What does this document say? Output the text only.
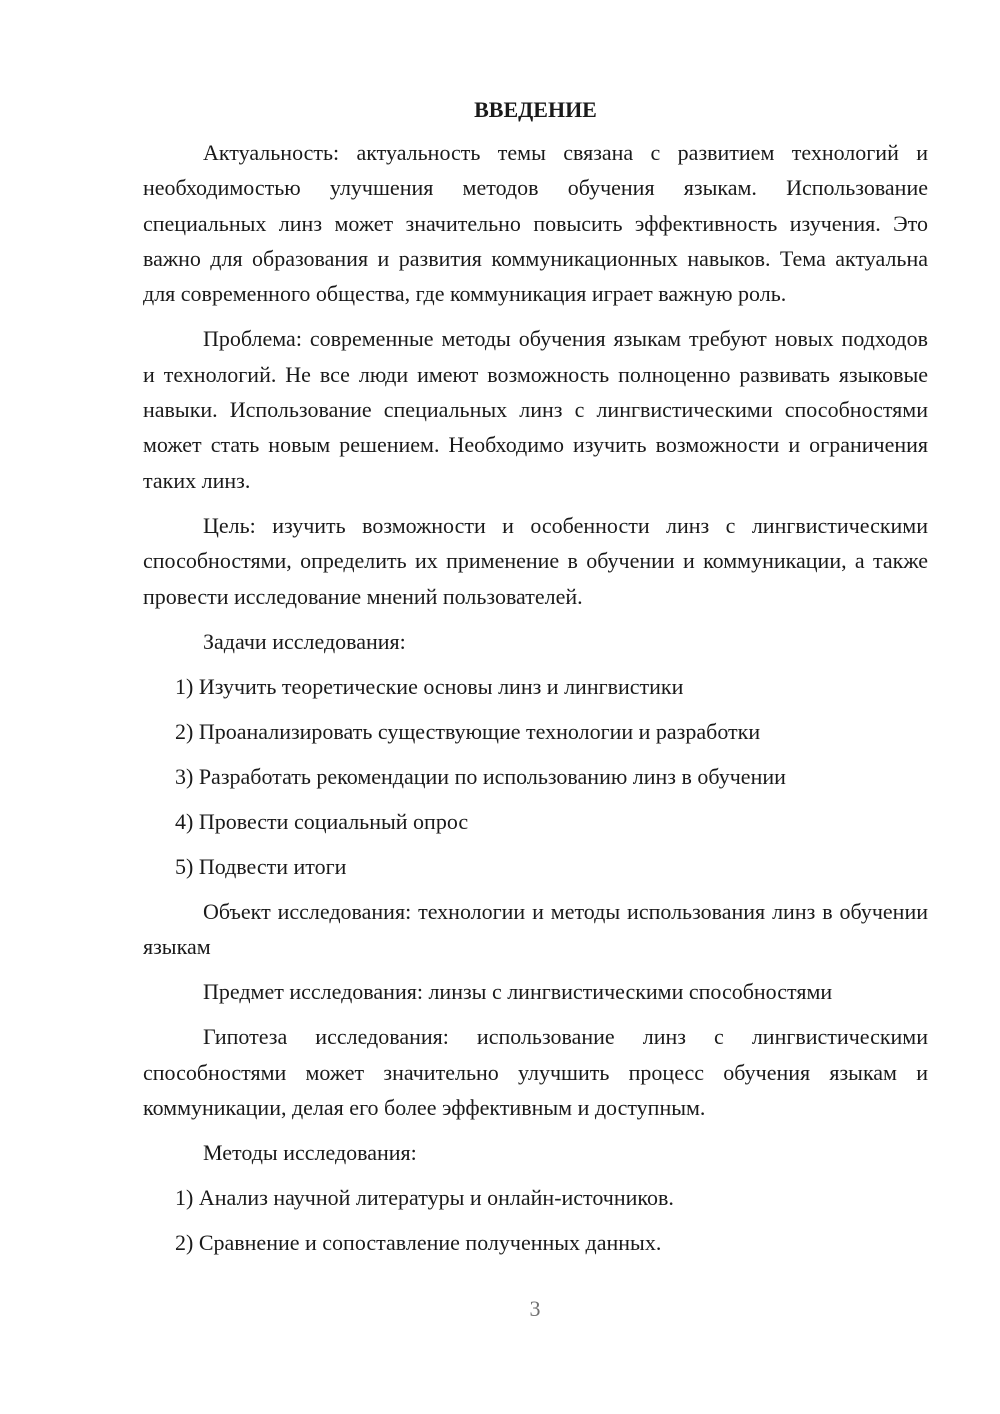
ВВЕДЕНИЕ

Актуальность: актуальность темы связана с развитием технологий и необходимостью улучшения методов обучения языкам. Использование специальных линз может значительно повысить эффективность изучения. Это важно для образования и развития коммуникационных навыков. Тема актуальна для современного общества, где коммуникация играет важную роль.

Проблема: современные методы обучения языкам требуют новых подходов и технологий. Не все люди имеют возможность полноценно развивать языковые навыки. Использование специальных линз с лингвистическими способностями может стать новым решением. Необходимо изучить возможности и ограничения таких линз.

Цель: изучить возможности и особенности линз с лингвистическими способностями, определить их применение в обучении и коммуникации, а также провести исследование мнений пользователей.

Задачи исследования:
1) Изучить теоретические основы линз и лингвистики
2) Проанализировать существующие технологии и разработки
3) Разработать рекомендации по использованию линз в обучении
4) Провести социальный опрос
5) Подвести итоги

Объект исследования: технологии и методы использования линз в обучении языкам

Предмет исследования: линзы с лингвистическими способностями

Гипотеза исследования: использование линз с лингвистическими способностями может значительно улучшить процесс обучения языкам и коммуникации, делая его более эффективным и доступным.

Методы исследования:
1) Анализ научной литературы и онлайн-источников.
2) Сравнение и сопоставление полученных данных.
3
